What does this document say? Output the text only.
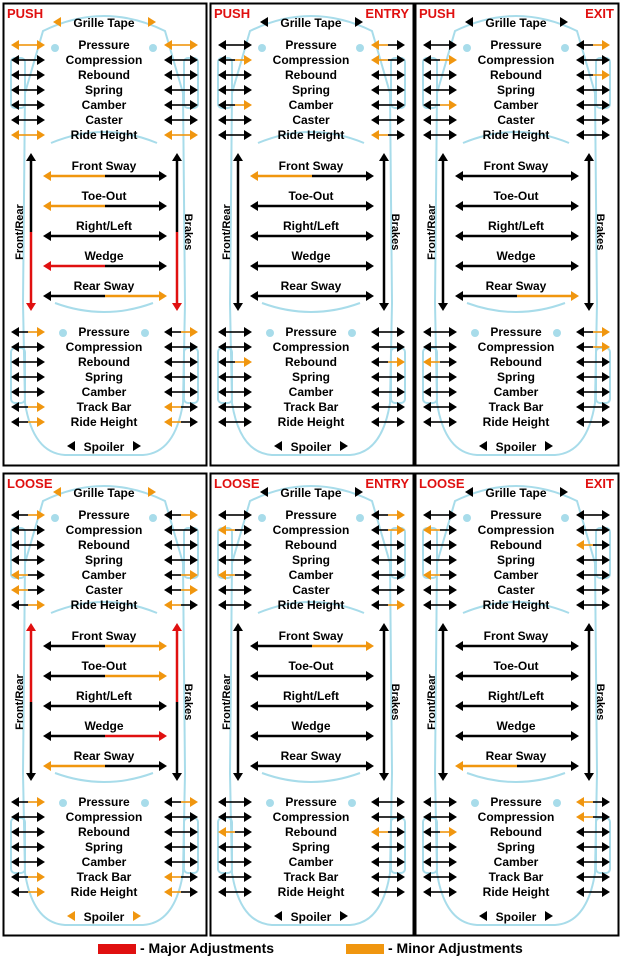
PUSH
Grille Tape
Pressure
Compression
Rebound
Spring
Camber
Caster
Ride Height
Front/Rear	Brakes
Front Sway
Toe-Out
Right/Left
Wedge
Rear Sway
Pressure
Compression
Rebound
Spring
Camber
Track Bar
Ride Height
Spoiler
PUSH	ENTRY
Grille Tape
Pressure
Compression
Rebound
Spring
Camber
Caster
Ride Height
Front/Rear	Brakes
Front Sway
Toe-Out
Right/Left
Wedge
Rear Sway
Pressure
Compression
Rebound
Spring
Camber
Track Bar
Ride Height
Spoiler
PUSH	EXIT
Grille Tape
Pressure
Compression
Rebound
Spring
Camber
Caster
Ride Height
Front/Rear	Brakes
Front Sway
Toe-Out
Right/Left
Wedge
Rear Sway
Pressure
Compression
Rebound
Spring
Camber
Track Bar
Ride Height
Spoiler
LOOSE
Grille Tape
Pressure
Compression
Rebound
Spring
Camber
Caster
Ride Height
Front/Rear	Brakes
Front Sway
Toe-Out
Right/Left
Wedge
Rear Sway
Pressure
Compression
Rebound
Spring
Camber
Track Bar
Ride Height
Spoiler
LOOSE	ENTRY
Grille Tape
Pressure
Compression
Rebound
Spring
Camber
Caster
Ride Height
Front/Rear	Brakes
Front Sway
Toe-Out
Right/Left
Wedge
Rear Sway
Pressure
Compression
Rebound
Spring
Camber
Track Bar
Ride Height
Spoiler
LOOSE	EXIT
Grille Tape
Pressure
Compression
Rebound
Spring
Camber
Caster
Ride Height
Front/Rear	Brakes
Front Sway
Toe-Out
Right/Left
Wedge
Rear Sway
Pressure
Compression
Rebound
Spring
Camber
Track Bar
Ride Height
Spoiler
- Major Adjustments	- Minor Adjustments
